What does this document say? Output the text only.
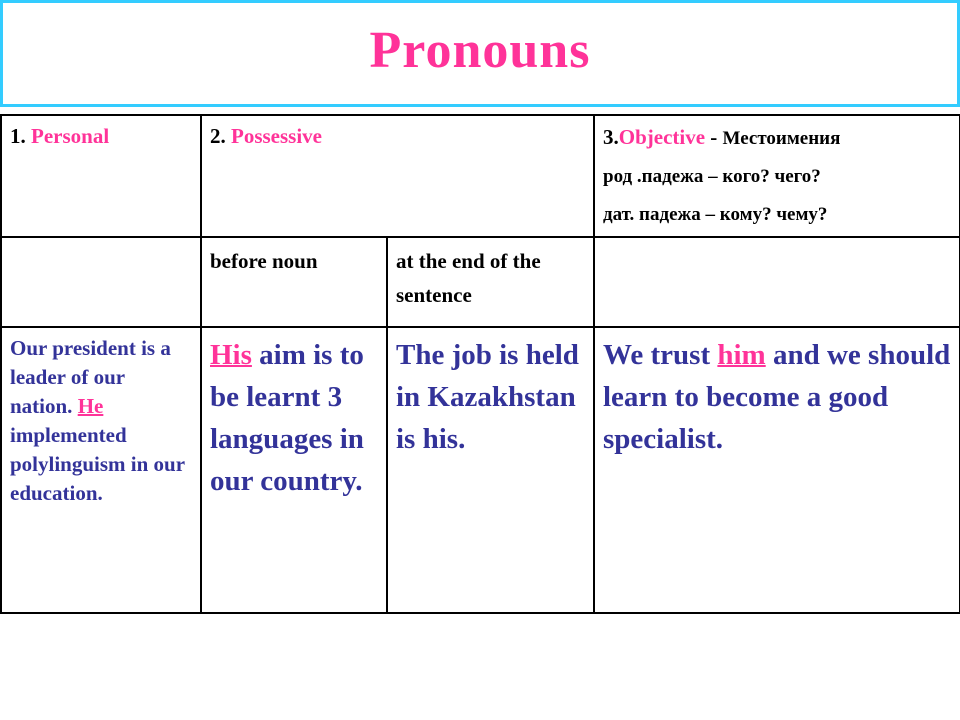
Pronouns
1. Personal	2. Possessive		3.Objective - Местоимения
род .падежа – кого? чего?
дат. падежа – кому? чему?
	before noun	at the end of the sentence	
Our president is a leader of our nation. He implemented polylinguism in our education.	His aim is to be learnt 3 languages in our country.	The job is held in Kazakhstan is his.	We trust him and we should learn to become a good specialist.
